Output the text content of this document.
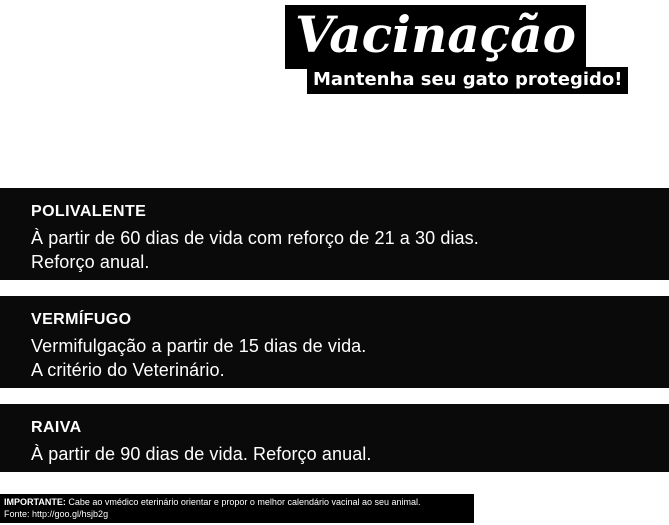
Vacinação
Mantenha seu gato protegido!
POLIVALENTE
À partir de 60 dias de vida com reforço de 21 a 30 dias.
Reforço anual.
VERMÍFUGO
Vermifulgação a partir de 15 dias de vida.
A critério do Veterinário.
RAIVA
À partir de 90 dias de vida. Reforço anual.
IMPORTANTE: Cabe ao vmédico eterinário orientar e propor o melhor calendário vacinal ao seu animal.
Fonte: http://goo.gl/hsjb2g
